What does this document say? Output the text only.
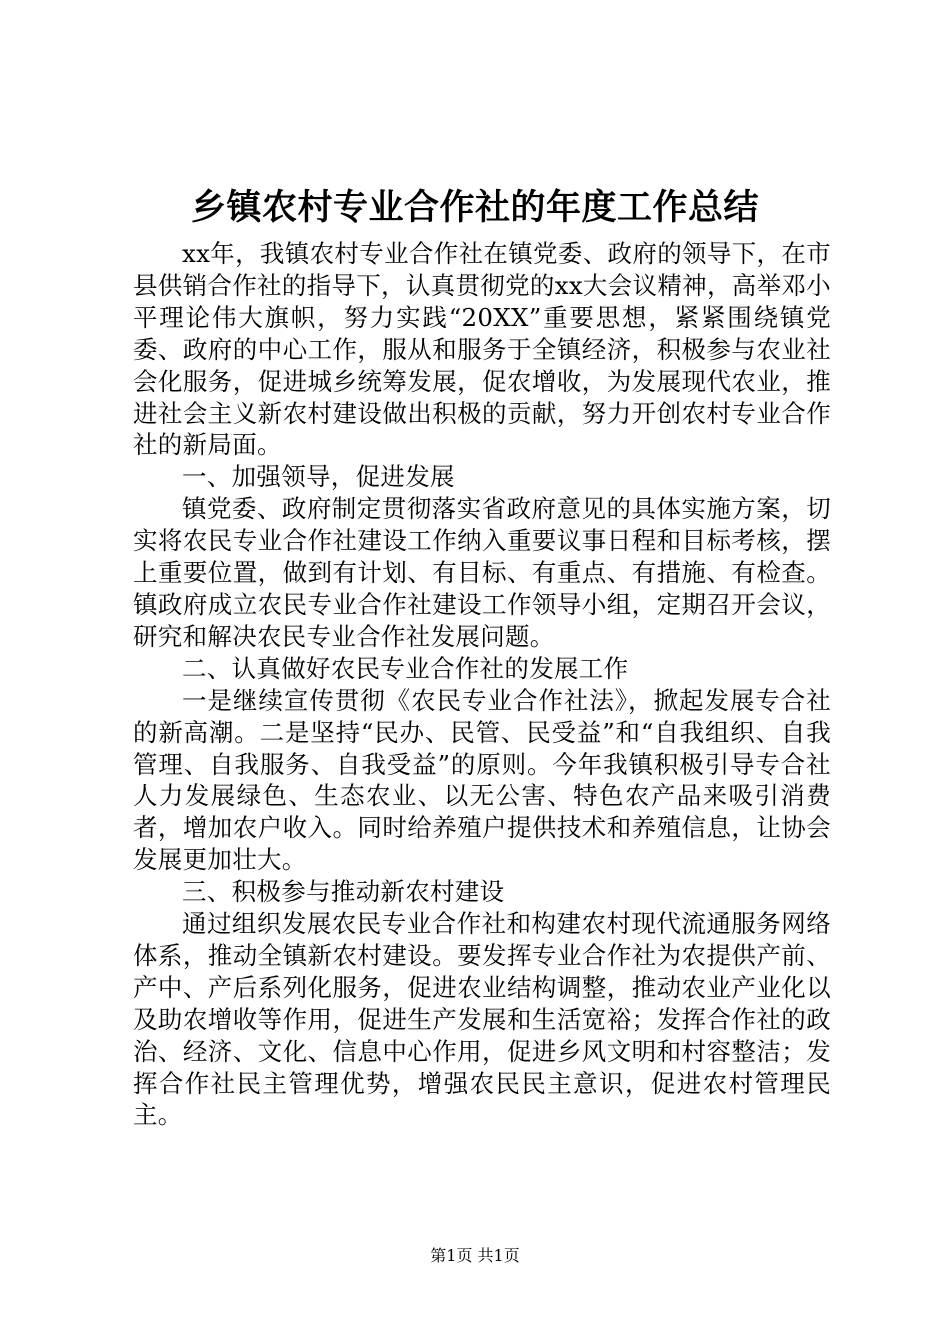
乡镇农村专业合作社的年度工作总结

xx年，我镇农村专业合作社在镇党委、政府的领导下，在市县供销合作社的指导下，认真贯彻党的xx大会议精神，高举邓小平理论伟大旗帜，努力实践“20XX”重要思想，紧紧围绕镇党委、政府的中心工作，服从和服务于全镇经济，积极参与农业社会化服务，促进城乡统筹发展，促农增收，为发展现代农业，推进社会主义新农村建设做出积极的贡献，努力开创农村专业合作社的新局面。

一、加强领导，促进发展

镇党委、政府制定贯彻落实省政府意见的具体实施方案，切实将农民专业合作社建设工作纳入重要议事日程和目标考核，摆上重要位置，做到有计划、有目标、有重点、有措施、有检查。镇政府成立农民专业合作社建设工作领导小组，定期召开会议，研究和解决农民专业合作社发展问题。

二、认真做好农民专业合作社的发展工作

一是继续宣传贯彻《农民专业合作社法》，掀起发展专合社的新高潮。二是坚持“民办、民管、民受益”和“自我组织、自我管理、自我服务、自我受益”的原则。今年我镇积极引导专合社人力发展绿色、生态农业、以无公害、特色农产品来吸引消费者，增加农户收入。同时给养殖户提供技术和养殖信息，让协会发展更加壮大。

三、积极参与推动新农村建设

通过组织发展农民专业合作社和构建农村现代流通服务网络体系，推动全镇新农村建设。要发挥专业合作社为农提供产前、产中、产后系列化服务，促进农业结构调整，推动农业产业化以及助农增收等作用，促进生产发展和生活宽裕；发挥合作社的政治、经济、文化、信息中心作用，促进乡风文明和村容整洁；发挥合作社民主管理优势，增强农民民主意识，促进农村管理民主。

第1页 共1页
